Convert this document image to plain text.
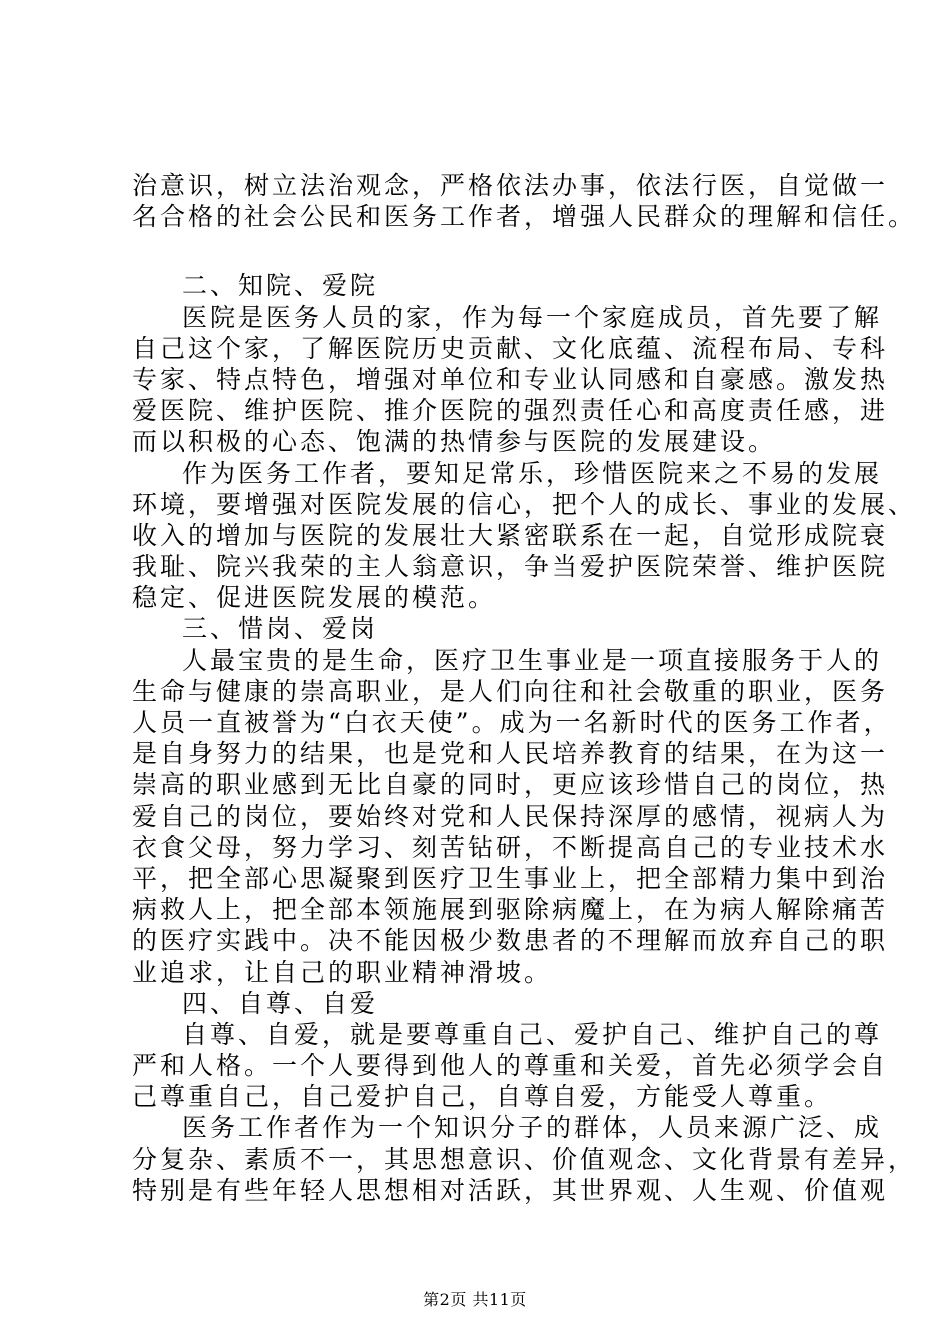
治意识，树立法治观念，严格依法办事，依法行医，自觉做一
名合格的社会公民和医务工作者，增强人民群众的理解和信任。
二、知院、爱院
医院是医务人员的家，作为每一个家庭成员，首先要了解
自己这个家，了解医院历史贡献、文化底蕴、流程布局、专科
专家、特点特色，增强对单位和专业认同感和自豪感。激发热
爱医院、维护医院、推介医院的强烈责任心和高度责任感，进
而以积极的心态、饱满的热情参与医院的发展建设。
作为医务工作者，要知足常乐，珍惜医院来之不易的发展
环境，要增强对医院发展的信心，把个人的成长、事业的发展、
收入的增加与医院的发展壮大紧密联系在一起，自觉形成院衰
我耻、院兴我荣的主人翁意识，争当爱护医院荣誉、维护医院
稳定、促进医院发展的模范。
三、惜岗、爱岗
人最宝贵的是生命，医疗卫生事业是一项直接服务于人的
生命与健康的崇高职业，是人们向往和社会敬重的职业，医务
人员一直被誉为“白衣天使”。成为一名新时代的医务工作者，
是自身努力的结果，也是党和人民培养教育的结果，在为这一
崇高的职业感到无比自豪的同时，更应该珍惜自己的岗位，热
爱自己的岗位，要始终对党和人民保持深厚的感情，视病人为
衣食父母，努力学习、刻苦钻研，不断提高自己的专业技术水
平，把全部心思凝聚到医疗卫生事业上，把全部精力集中到治
病救人上，把全部本领施展到驱除病魔上，在为病人解除痛苦
的医疗实践中。决不能因极少数患者的不理解而放弃自己的职
业追求，让自己的职业精神滑坡。
四、自尊、自爱
自尊、自爱，就是要尊重自己、爱护自己、维护自己的尊
严和人格。一个人要得到他人的尊重和关爱，首先必须学会自
己尊重自己，自己爱护自己，自尊自爱，方能受人尊重。
医务工作者作为一个知识分子的群体，人员来源广泛、成
分复杂、素质不一，其思想意识、价值观念、文化背景有差异，
特别是有些年轻人思想相对活跃，其世界观、人生观、价值观
第2页 共11页
